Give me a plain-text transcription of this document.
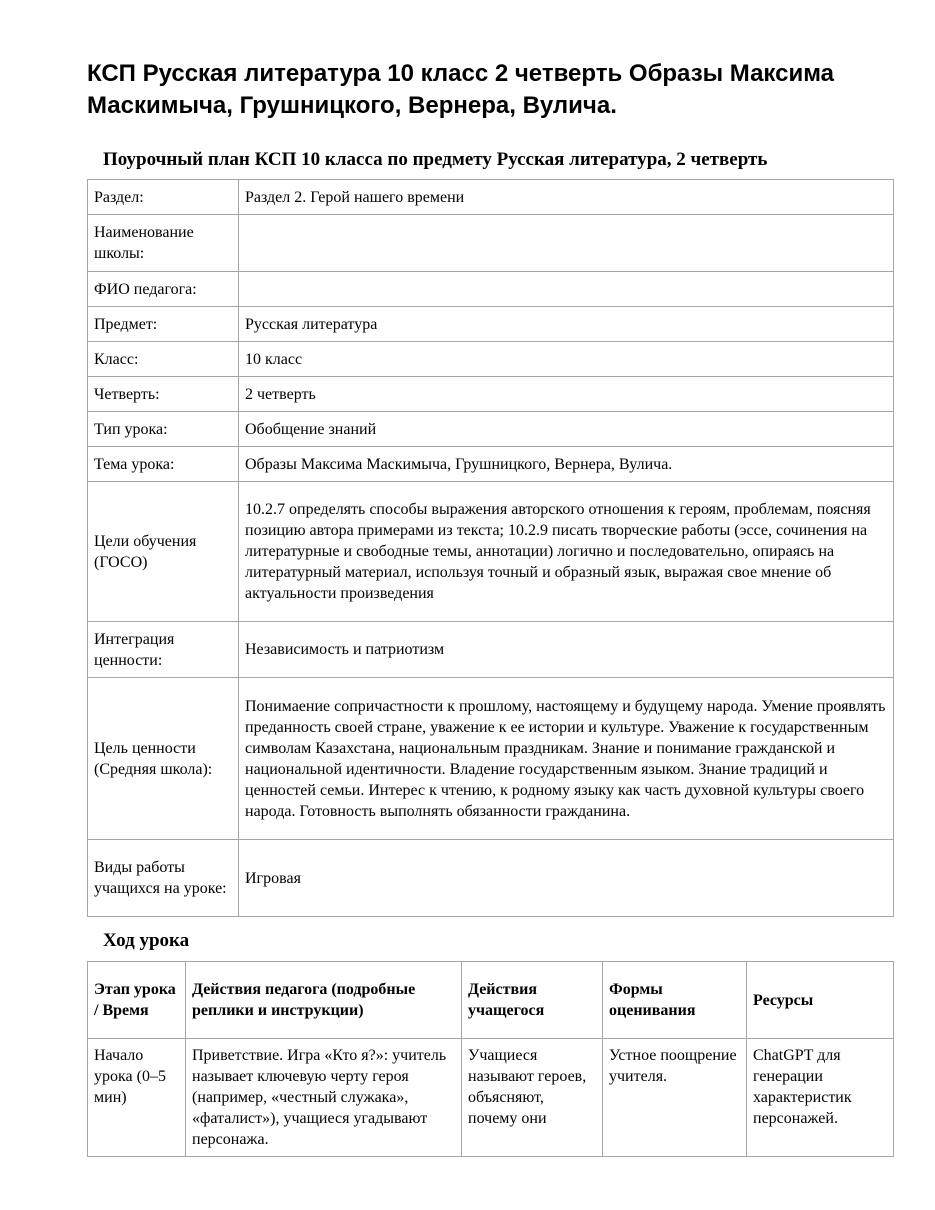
КСП Русская литература 10 класс 2 четверть Образы Максима Маскимыча, Грушницкого, Вернера, Вулича.
Поурочный план КСП 10 класса по предмету Русская литература, 2 четверть
Раздел:	Раздел 2. Герой нашего времени
Наименование школы:	
ФИО педагога:	
Предмет:	Русская литература
Класс:	10 класс
Четверть:	2 четверть
Тип урока:	Обобщение знаний
Тема урока:	Образы Максима Маскимыча, Грушницкого, Вернера, Вулича.
Цели обучения (ГОСО)	10.2.7 определять способы выражения авторского отношения к героям, проблемам, поясняя позицию автора примерами из текста; 10.2.9 писать творческие работы (эссе, сочинения на литературные и свободные темы, аннотации) логично и последовательно, опираясь на литературный материал, используя точный и образный язык, выражая свое мнение об актуальности произведения
Интеграция ценности:	Независимость и патриотизм
Цель ценности (Средняя школа):	Понимаение сопричастности к прошлому, настоящему и будущему народа. Умение проявлять преданность своей стране, уважение к ее истории и культуре. Уважение к государственным символам Казахстана, национальным праздникам. Знание и понимание гражданской и национальной идентичности. Владение государственным языком. Знание традиций и ценностей семьи. Интерес к чтению, к родному языку как часть духовной культуры своего народа. Готовность выполнять обязанности гражданина.
Виды работы учащихся на уроке:	Игровая
Ход урока
Этап урока / Время	Действия педагога (подробные реплики и инструкции)	Действия учащегося	Формы оценивания	Ресурсы
Начало урока (0–5 мин)	Приветствие. Игра «Кто я?»: учитель называет ключевую черту героя (например, «честный служака», «фаталист»), учащиеся угадывают персонажа.	Учащиеся называют героев, объясняют, почему они	Устное поощрение учителя.	ChatGPT для генерации характеристик персонажей.
